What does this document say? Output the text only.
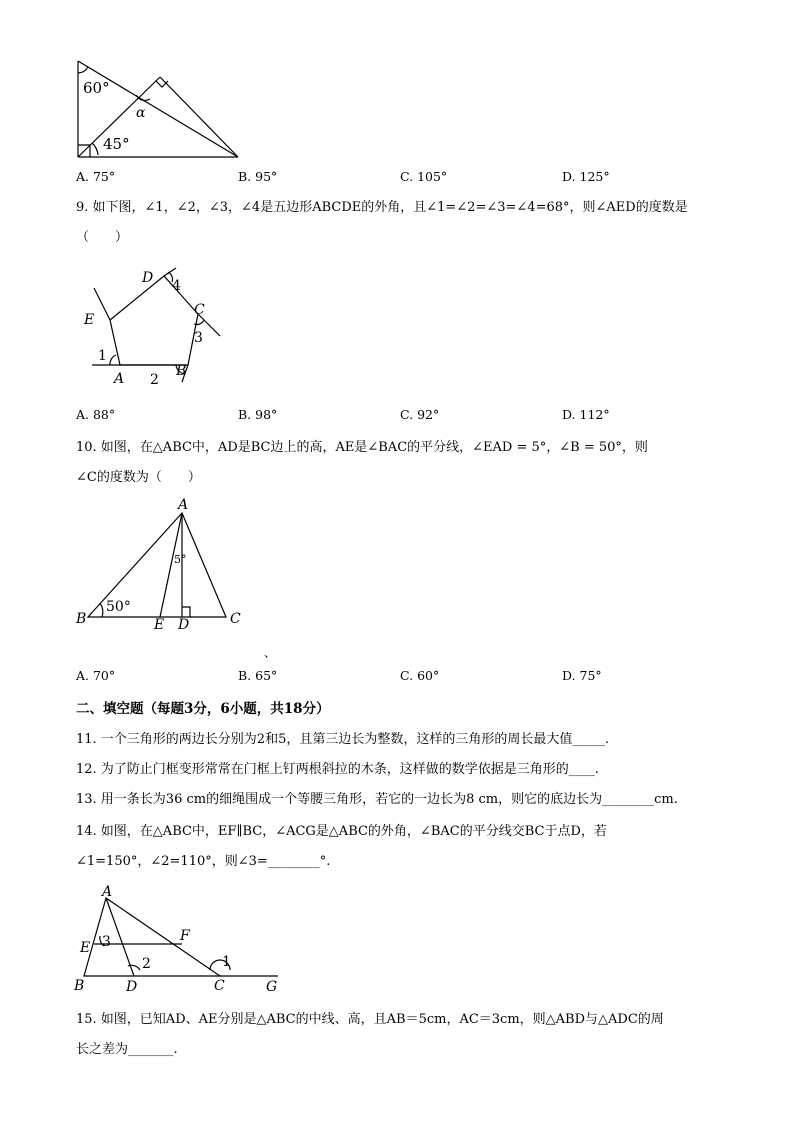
60°
α
45°
A. 75°	B. 95°	C. 105°	D. 125°
9. 如下图，∠1，∠2，∠3，∠4是五边形ABCDE的外角，且∠1=∠2=∠3=∠4=68°，则∠AED的度数是
（　　）
D 4
C
3
E
1
A 2
B
A. 88°	B. 98°	C. 92°	D. 112°
10. 如图，在△ABC中，AD是BC边上的高，AE是∠BAC的平分线，∠EAD = 5°，∠B = 50°，则
∠C的度数为（　　）
A
5°
B
50°
E D	C
、
A. 70°	B. 65°	C. 60°	D. 75°
二、填空题（每题3分，6小题，共18分）
11. 一个三角形的两边长分别为2和5，且第三边长为整数，这样的三角形的周长最大值_____.
12. 为了防止门框变形常常在门框上钉两根斜拉的木条，这样做的数学依据是三角形的____.
13. 用一条长为36 cm的细绳围成一个等腰三角形，若它的一边长为8 cm，则它的底边长为________cm.
14. 如图，在△ABC中，EF∥BC，∠ACG是△ABC的外角，∠BAC的平分线交BC于点D，若
∠1=150°，∠2=110°，则∠3=________°.
A
E 3	F
2	1
B	D	C	G
15. 如图，已知AD、AE分别是△ABC的中线、高，且AB＝5cm，AC＝3cm，则△ABD与△ADC的周
长之差为_______.
